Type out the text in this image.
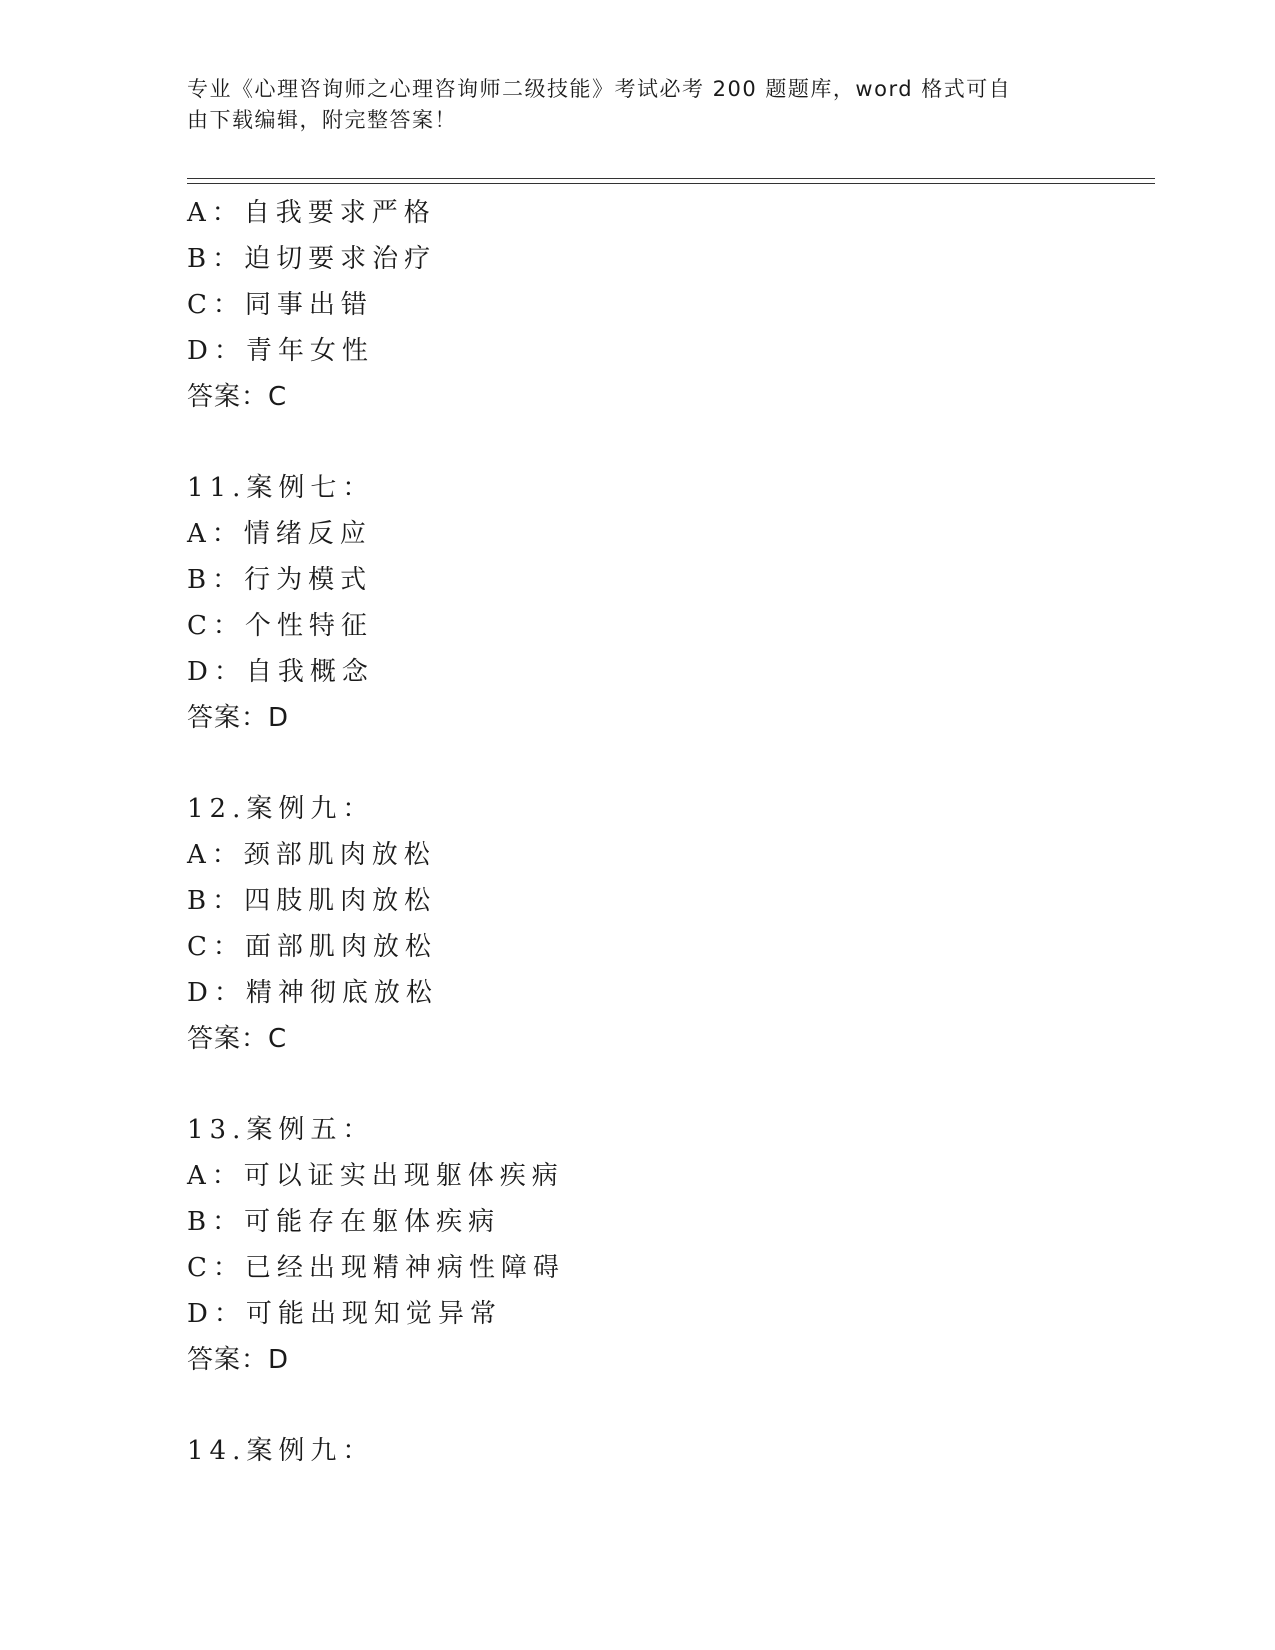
专业《心理咨询师之心理咨询师二级技能》考试必考 200 题题库，word 格式可自
由下载编辑，附完整答案！
A：自我要求严格
B：迫切要求治疗
C：同事出错
D：青年女性
答案：C
11.案例七：
A：情绪反应
B：行为模式
C：个性特征
D：自我概念
答案：D
12.案例九：
A：颈部肌肉放松
B：四肢肌肉放松
C：面部肌肉放松
D：精神彻底放松
答案：C
13.案例五：
A：可以证实出现躯体疾病
B：可能存在躯体疾病
C：已经出现精神病性障碍
D：可能出现知觉异常
答案：D
14.案例九：
